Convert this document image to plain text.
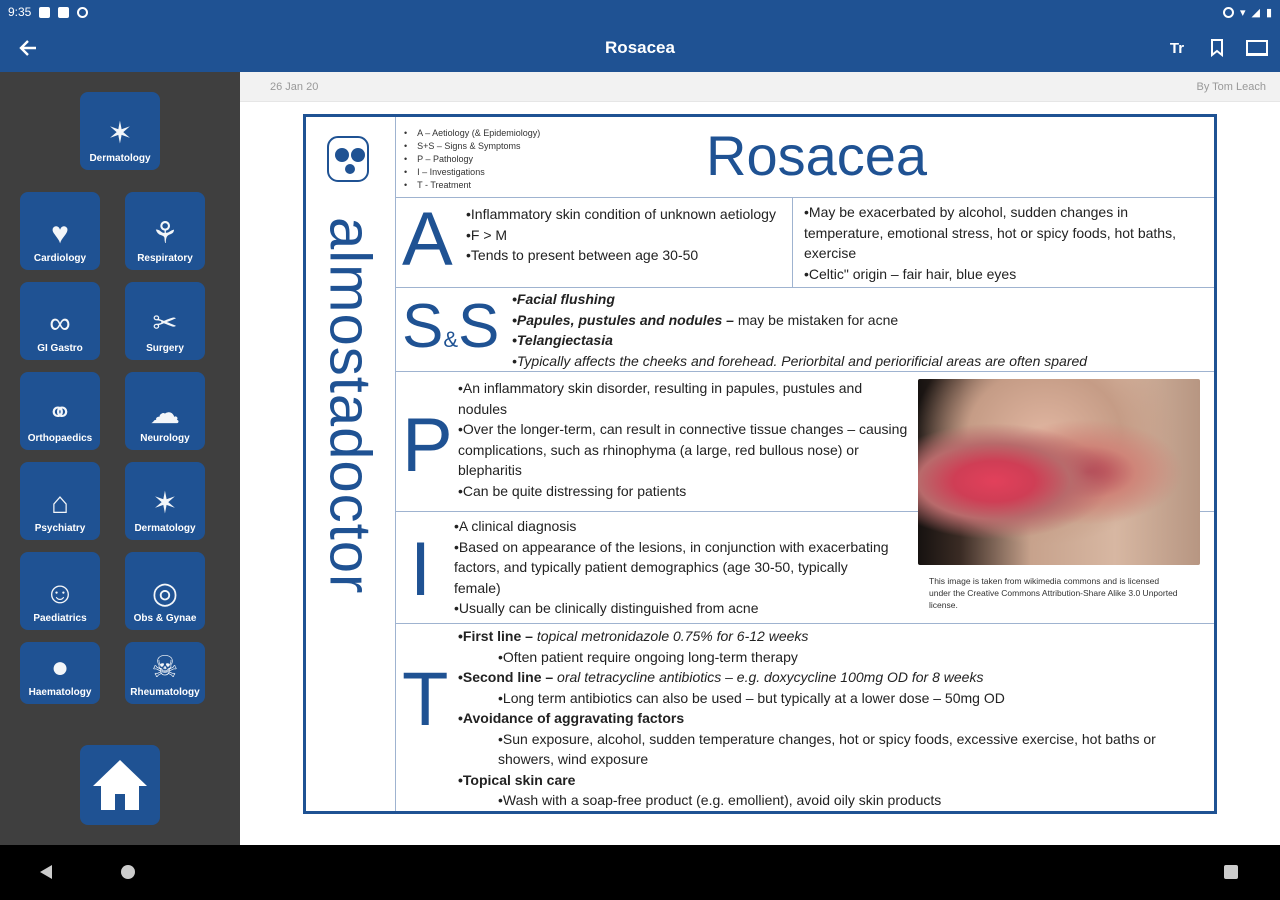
9:35	▾ ◢ ▮
Rosacea	Tr
✶
Dermatology
♥
Cardiology
⚘
Respiratory
∞
GI Gastro
✂
Surgery
⚭
Orthopaedics
☁
Neurology
⌂
Psychiatry
✶
Dermatology
☺
Paediatrics
◎
Obs & Gynae
●
Haematology
☠
Rheumatology
26 Jan 20	By Tom Leach
almostadoctor
• A – Aetiology (& Epidemiology)
• S+S – Signs & Symptoms
• P – Pathology
• I – Investigations
• T - Treatment	Rosacea
A •Inflammatory skin condition of unknown aetiology

•F > M

•Tends to present between age 30-50

•May be exacerbated by alcohol, sudden changes in temperature, emotional stress, hot or spicy foods, hot baths, exercise

•Celtic" origin – fair hair, blue eyes

S&S •Facial flushing

•Papules, pustules and nodules – may be mistaken for acne

•Telangiectasia

•Typically affects the cheeks and forehead. Periorbital and periorificial areas are often spared

P

•An inflammatory skin disorder, resulting in papules, pustules and nodules

•Over the longer-term, can result in connective tissue changes – causing complications, such as rhinophyma (a large, red bullous nose) or blepharitis

•Can be quite distressing for patients

I

•A clinical diagnosis

•Based on appearance of the lesions, in conjunction with exacerbating factors, and typically patient demographics (age 30-50, typically female)

•Usually can be clinically distinguished from acne

T

•First line – topical metronidazole 0.75% for 6-12 weeks

•Often patient require ongoing long-term therapy

•Second line – oral tetracycline antibiotics – e.g. doxycycline 100mg OD for 8 weeks

•Long term antibiotics can also be used – but typically at a lower dose – 50mg OD

•Avoidance of aggravating factors

•Sun exposure, alcohol, sudden temperature changes, hot or spicy foods, excessive exercise, hot baths or showers, wind exposure

•Topical skin care

•Wash with a soap-free product (e.g. emollient), avoid oily skin products

This image is taken from wikimedia commons and is licensed under the Creative Commons Attribution-Share Alike 3.0 Unported license.
